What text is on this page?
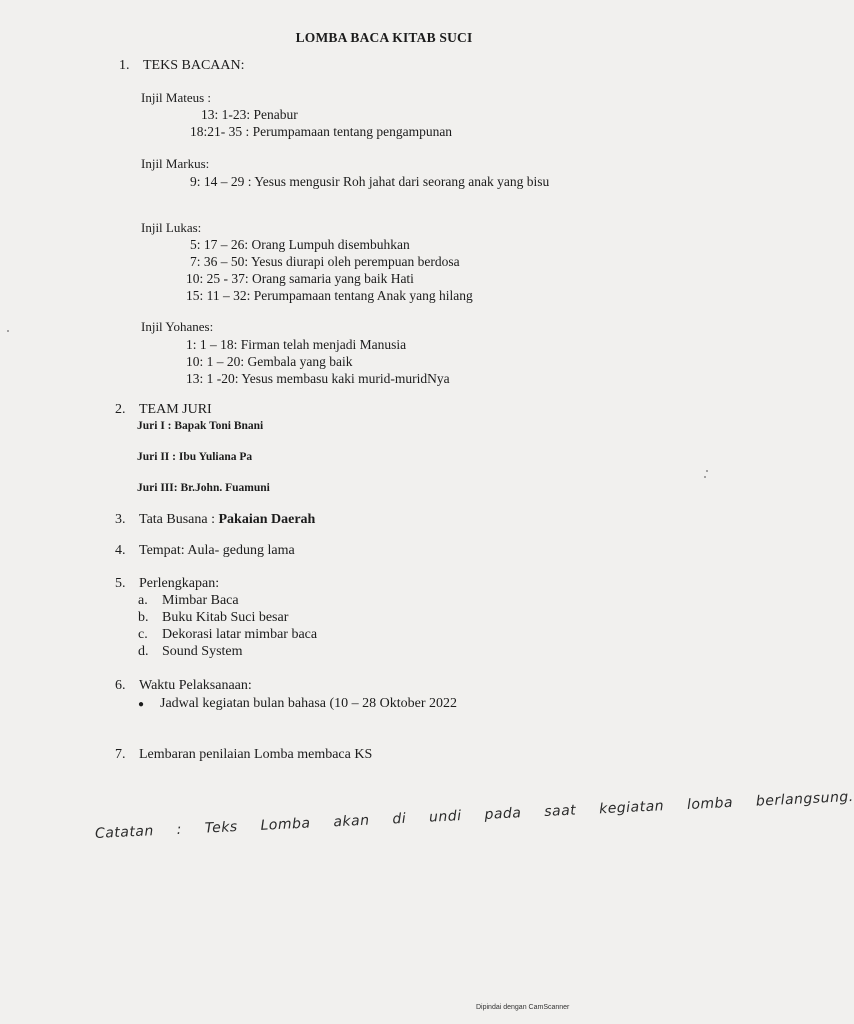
LOMBA BACA KITAB SUCI
1. TEKS BACAAN:
Injil Mateus :
13: 1-23: Penabur
18:21- 35 : Perumpamaan tentang pengampunan
Injil Markus:
9: 14 – 29 : Yesus mengusir Roh jahat dari seorang anak yang bisu
Injil Lukas:
5: 17 – 26: Orang Lumpuh disembuhkan
7: 36 – 50: Yesus diurapi oleh perempuan berdosa
10: 25 - 37: Orang samaria yang baik Hati
15: 11 – 32: Perumpamaan tentang Anak yang hilang
Injil Yohanes:
1: 1 – 18: Firman telah menjadi Manusia
10: 1 – 20: Gembala yang baik
13: 1 -20: Yesus membasu kaki murid-muridNya
2. TEAM JURI
Juri I : Bapak Toni Bnani
Juri II : Ibu Yuliana Pa
Juri III: Br.John. Fuamuni
3. Tata Busana : Pakaian Daerah
4. Tempat: Aula- gedung lama
5. Perlengkapan:
a. Mimbar Baca
b. Buku Kitab Suci besar
c. Dekorasi latar mimbar baca
d. Sound System
6. Waktu Pelaksanaan:
● Jadwal kegiatan bulan bahasa (10 – 28 Oktober 2022
7. Lembaran penilaian Lomba membaca KS
Catatan : Teks Lomba akan di undi pada saat kegiatan lomba berlangsung.
Dipindai dengan CamScanner
